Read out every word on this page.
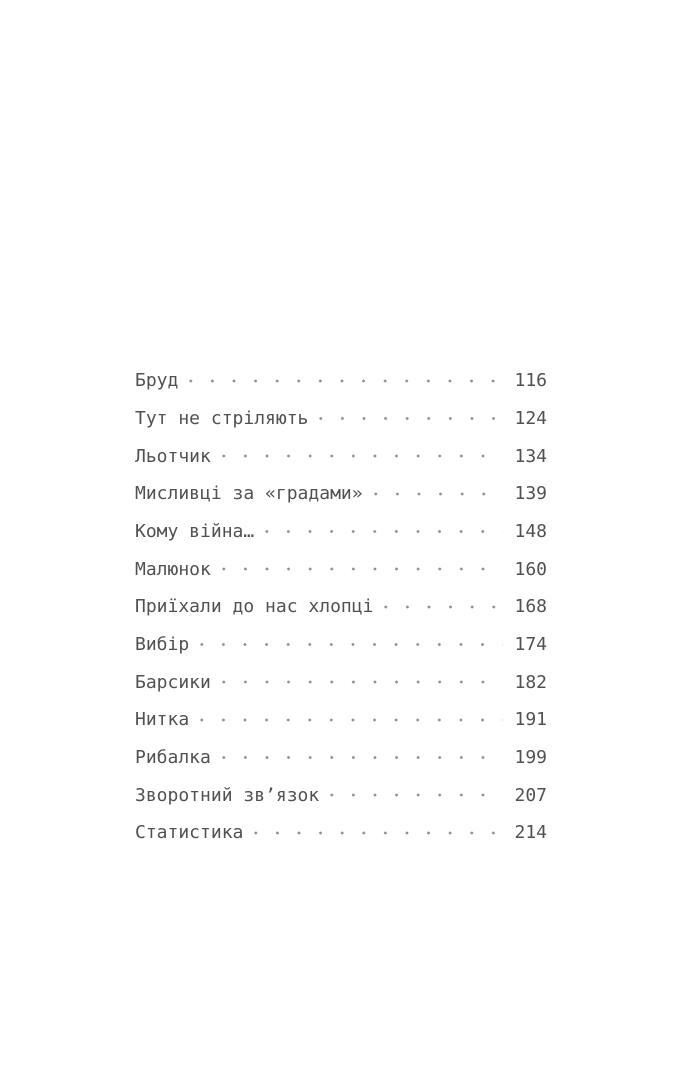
Бруд	116
Тут не стріляють	124
Льотчик	134
Мисливці за «градами»	139
Кому війна…	148
Малюнок	160
Приїхали до нас хлопці	168
Вибір	174
Барсики	182
Нитка	191
Рибалка	199
Зворотний зв’язок	207
Статистика	214
